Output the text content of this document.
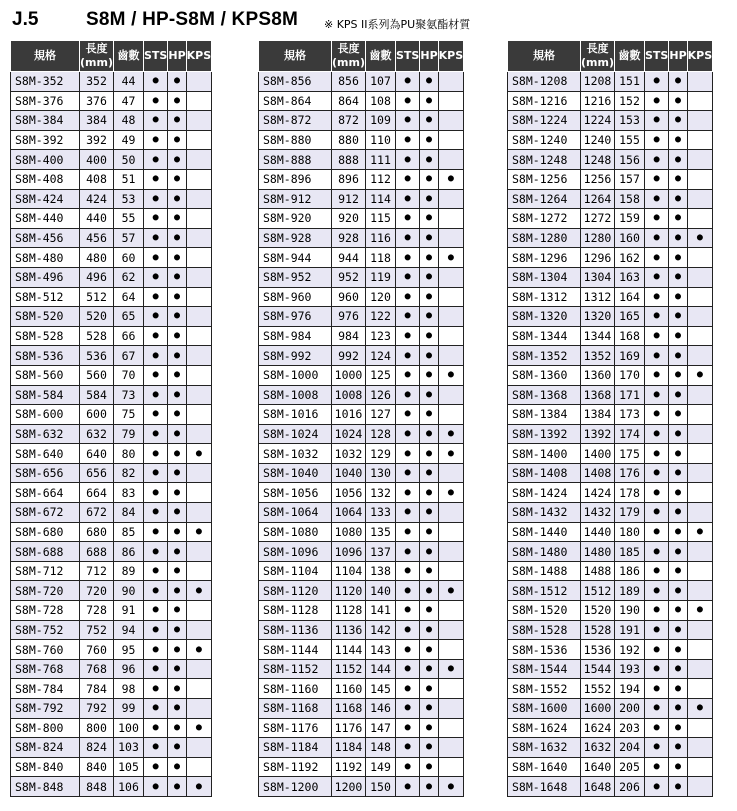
J.5	S8M / HP-S8M / KPS8M ※ KPS II系列為PU聚氨酯材質
規格	長度
(mm)	齒數	STS	HP	KPS
S8M-352	352	44	●	●	
S8M-376	376	47	●	●	
S8M-384	384	48	●	●	
S8M-392	392	49	●	●	
S8M-400	400	50	●	●	
S8M-408	408	51	●	●	
S8M-424	424	53	●	●	
S8M-440	440	55	●	●	
S8M-456	456	57	●	●	
S8M-480	480	60	●	●	
S8M-496	496	62	●	●	
S8M-512	512	64	●	●	
S8M-520	520	65	●	●	
S8M-528	528	66	●	●	
S8M-536	536	67	●	●	
S8M-560	560	70	●	●	
S8M-584	584	73	●	●	
S8M-600	600	75	●	●	
S8M-632	632	79	●	●	
S8M-640	640	80	●	●	●
S8M-656	656	82	●	●	
S8M-664	664	83	●	●	
S8M-672	672	84	●	●	
S8M-680	680	85	●	●	●
S8M-688	688	86	●	●	
S8M-712	712	89	●	●	
S8M-720	720	90	●	●	●
S8M-728	728	91	●	●	
S8M-752	752	94	●	●	
S8M-760	760	95	●	●	●
S8M-768	768	96	●	●	
S8M-784	784	98	●	●	
S8M-792	792	99	●	●	
S8M-800	800	100	●	●	●
S8M-824	824	103	●	●	
S8M-840	840	105	●	●	
S8M-848	848	106	●	●	●
規格	長度
(mm)	齒數	STS	HP	KPS
S8M-856	856	107	●	●	
S8M-864	864	108	●	●	
S8M-872	872	109	●	●	
S8M-880	880	110	●	●	
S8M-888	888	111	●	●	
S8M-896	896	112	●	●	●
S8M-912	912	114	●	●	
S8M-920	920	115	●	●	
S8M-928	928	116	●	●	
S8M-944	944	118	●	●	●
S8M-952	952	119	●	●	
S8M-960	960	120	●	●	
S8M-976	976	122	●	●	
S8M-984	984	123	●	●	
S8M-992	992	124	●	●	
S8M-1000	1000	125	●	●	●
S8M-1008	1008	126	●	●	
S8M-1016	1016	127	●	●	
S8M-1024	1024	128	●	●	●
S8M-1032	1032	129	●	●	●
S8M-1040	1040	130	●	●	
S8M-1056	1056	132	●	●	●
S8M-1064	1064	133	●	●	
S8M-1080	1080	135	●	●	
S8M-1096	1096	137	●	●	
S8M-1104	1104	138	●	●	
S8M-1120	1120	140	●	●	●
S8M-1128	1128	141	●	●	
S8M-1136	1136	142	●	●	
S8M-1144	1144	143	●	●	
S8M-1152	1152	144	●	●	●
S8M-1160	1160	145	●	●	
S8M-1168	1168	146	●	●	
S8M-1176	1176	147	●	●	
S8M-1184	1184	148	●	●	
S8M-1192	1192	149	●	●	
S8M-1200	1200	150	●	●	●
規格	長度
(mm)	齒數	STS	HP	KPS
S8M-1208	1208	151	●	●	
S8M-1216	1216	152	●	●	
S8M-1224	1224	153	●	●	
S8M-1240	1240	155	●	●	
S8M-1248	1248	156	●	●	
S8M-1256	1256	157	●	●	
S8M-1264	1264	158	●	●	
S8M-1272	1272	159	●	●	
S8M-1280	1280	160	●	●	●
S8M-1296	1296	162	●	●	
S8M-1304	1304	163	●	●	
S8M-1312	1312	164	●	●	
S8M-1320	1320	165	●	●	
S8M-1344	1344	168	●	●	
S8M-1352	1352	169	●	●	
S8M-1360	1360	170	●	●	●
S8M-1368	1368	171	●	●	
S8M-1384	1384	173	●	●	
S8M-1392	1392	174	●	●	
S8M-1400	1400	175	●	●	
S8M-1408	1408	176	●	●	
S8M-1424	1424	178	●	●	
S8M-1432	1432	179	●	●	
S8M-1440	1440	180	●	●	●
S8M-1480	1480	185	●	●	
S8M-1488	1488	186	●	●	
S8M-1512	1512	189	●	●	
S8M-1520	1520	190	●	●	●
S8M-1528	1528	191	●	●	
S8M-1536	1536	192	●	●	
S8M-1544	1544	193	●	●	
S8M-1552	1552	194	●	●	
S8M-1600	1600	200	●	●	●
S8M-1624	1624	203	●	●	
S8M-1632	1632	204	●	●	
S8M-1640	1640	205	●	●	
S8M-1648	1648	206	●	●	
